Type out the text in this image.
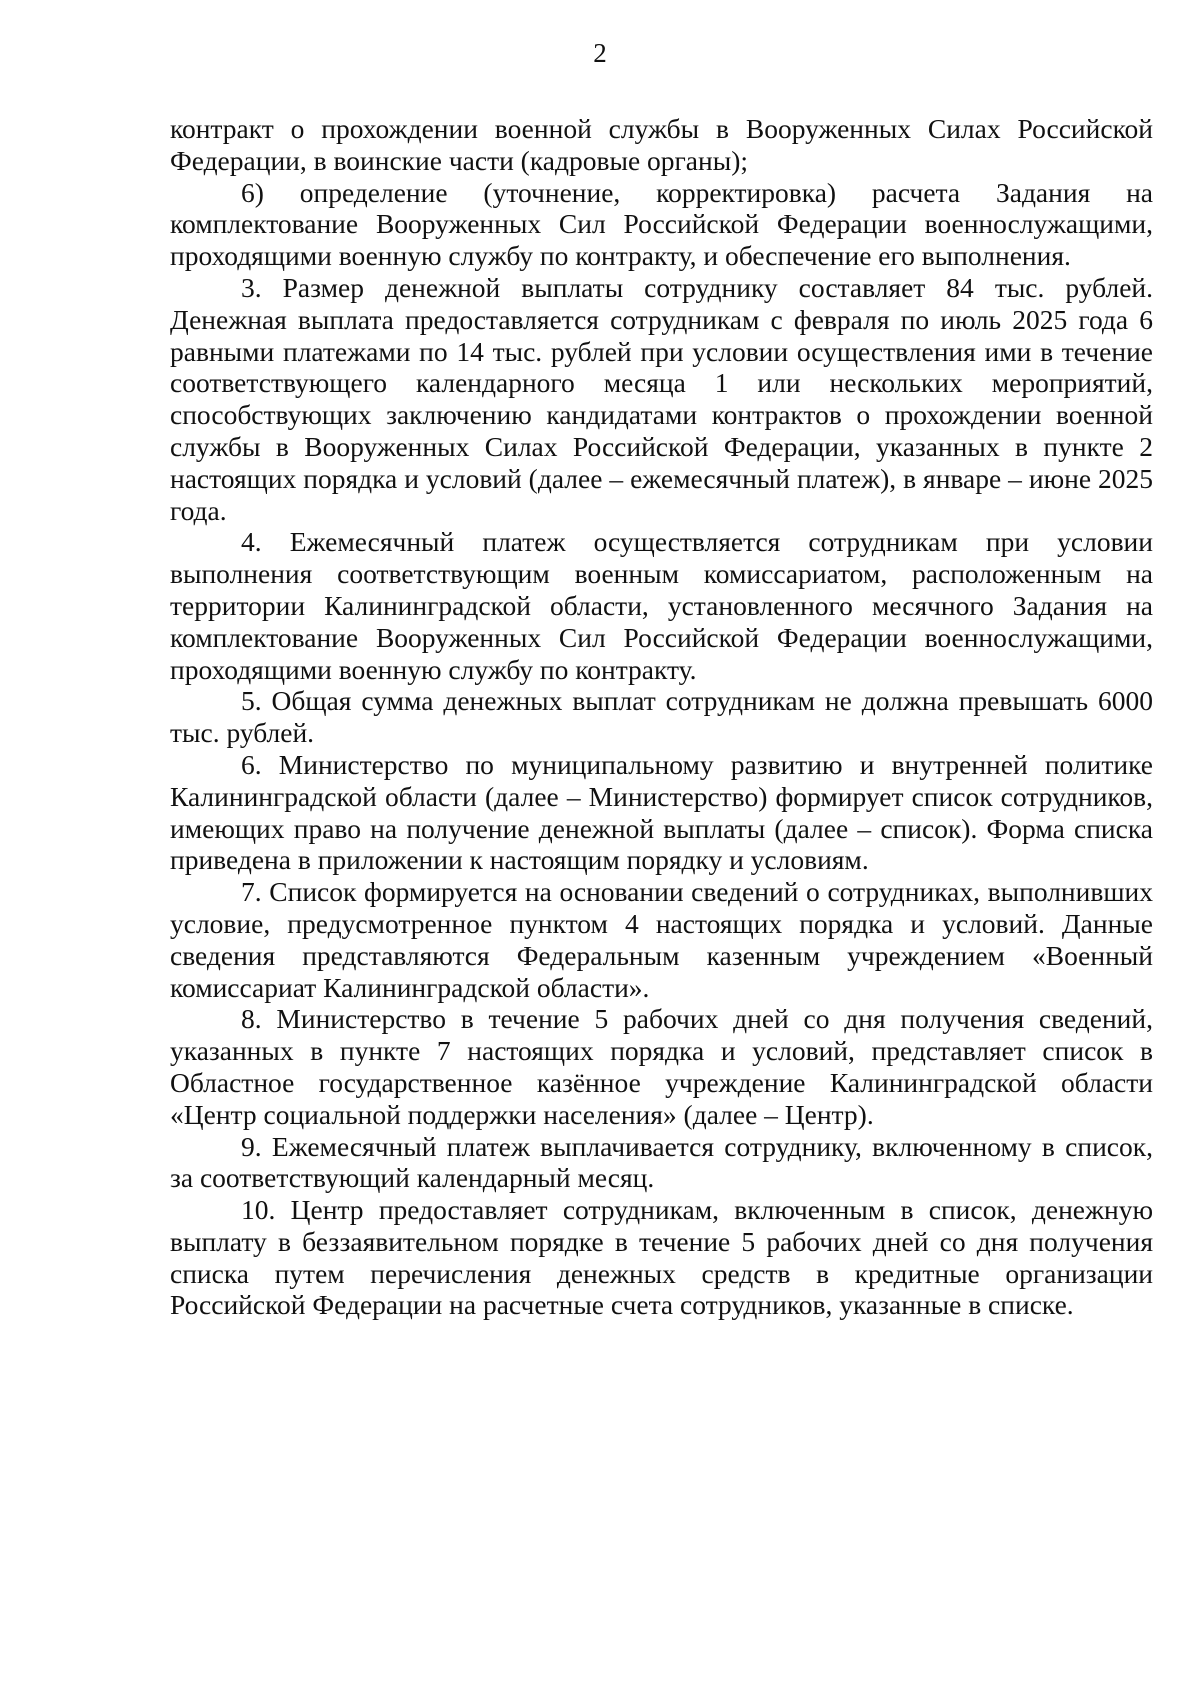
2

контракт о прохождении военной службы в Вооруженных Силах Российской Федерации, в воинские части (кадровые органы);

6) определение (уточнение, корректировка) расчета Задания на комплектование Вооруженных Сил Российской Федерации военнослужащими, проходящими военную службу по контракту, и обеспечение его выполнения.

3. Размер денежной выплаты сотруднику составляет 84 тыс. рублей. Денежная выплата предоставляется сотрудникам с февраля по июль 2025 года 6 равными платежами по 14 тыс. рублей при условии осуществления ими в течение соответствующего календарного месяца 1 или нескольких мероприятий, способствующих заключению кандидатами контрактов о прохождении военной службы в Вооруженных Силах Российской Федерации, указанных в пункте 2 настоящих порядка и условий (далее – ежемесячный платеж), в январе – июне 2025 года.

4. Ежемесячный платеж осуществляется сотрудникам при условии выполнения соответствующим военным комиссариатом, расположенным на территории Калининградской области, установленного месячного Задания на комплектование Вооруженных Сил Российской Федерации военнослужащими, проходящими военную службу по контракту.

5. Общая сумма денежных выплат сотрудникам не должна превышать 6000 тыс. рублей.

6. Министерство по муниципальному развитию и внутренней политике Калининградской области (далее – Министерство) формирует список сотрудников, имеющих право на получение денежной выплаты (далее – список). Форма списка приведена в приложении к настоящим порядку и условиям.

7. Список формируется на основании сведений о сотрудниках, выполнивших условие, предусмотренное пунктом 4 настоящих порядка и условий. Данные сведения представляются Федеральным казенным учреждением «Военный комиссариат Калининградской области».

8. Министерство в течение 5 рабочих дней со дня получения сведений, указанных в пункте 7 настоящих порядка и условий, представляет список в Областное государственное казённое учреждение Калининградской области «Центр социальной поддержки населения» (далее – Центр).

9. Ежемесячный платеж выплачивается сотруднику, включенному в список, за соответствующий календарный месяц.

10. Центр предоставляет сотрудникам, включенным в список, денежную выплату в беззаявительном порядке в течение 5 рабочих дней со дня получения списка путем перечисления денежных средств в кредитные организации Российской Федерации на расчетные счета сотрудников, указанные в списке.
